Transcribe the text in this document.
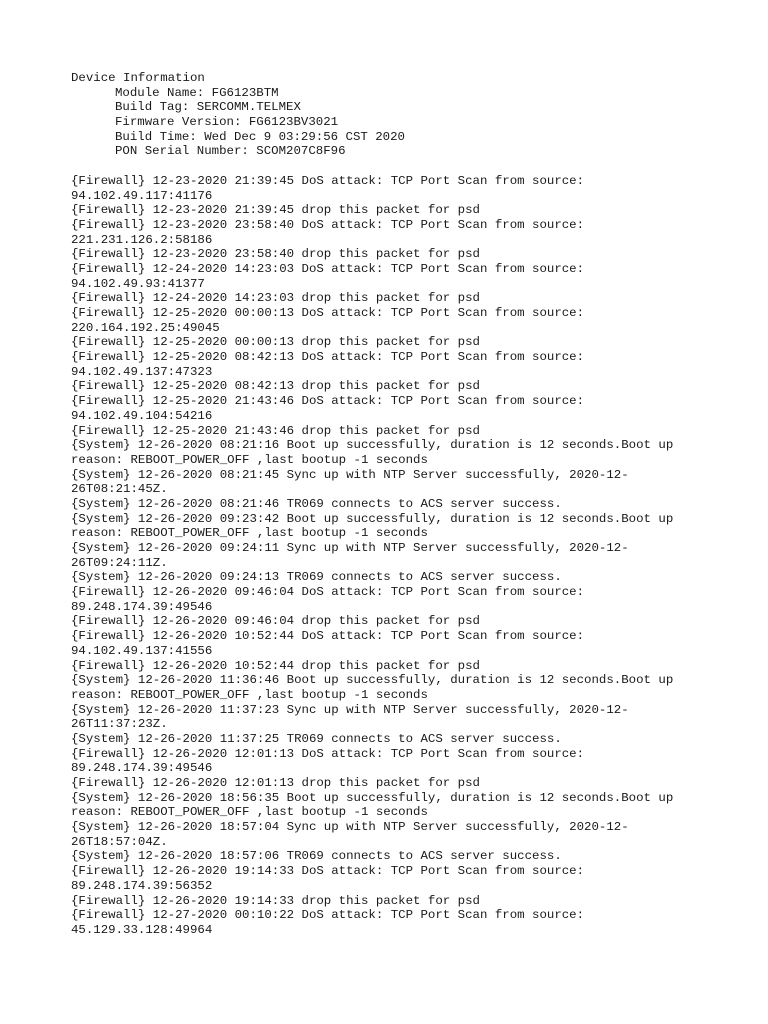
Device Information
Module Name: FG6123BTM
Build Tag: SERCOMM.TELMEX
Firmware Version: FG6123BV3021
Build Time: Wed Dec 9 03:29:56 CST 2020
PON Serial Number: SCOM207C8F96
{Firewall} 12-23-2020 21:39:45 DoS attack: TCP Port Scan from source:
94.102.49.117:41176
{Firewall} 12-23-2020 21:39:45 drop this packet for psd
{Firewall} 12-23-2020 23:58:40 DoS attack: TCP Port Scan from source:
221.231.126.2:58186
{Firewall} 12-23-2020 23:58:40 drop this packet for psd
{Firewall} 12-24-2020 14:23:03 DoS attack: TCP Port Scan from source:
94.102.49.93:41377
{Firewall} 12-24-2020 14:23:03 drop this packet for psd
{Firewall} 12-25-2020 00:00:13 DoS attack: TCP Port Scan from source:
220.164.192.25:49045
{Firewall} 12-25-2020 00:00:13 drop this packet for psd
{Firewall} 12-25-2020 08:42:13 DoS attack: TCP Port Scan from source:
94.102.49.137:47323
{Firewall} 12-25-2020 08:42:13 drop this packet for psd
{Firewall} 12-25-2020 21:43:46 DoS attack: TCP Port Scan from source:
94.102.49.104:54216
{Firewall} 12-25-2020 21:43:46 drop this packet for psd
{System} 12-26-2020 08:21:16 Boot up successfully, duration is 12 seconds.Boot up
reason: REBOOT_POWER_OFF ,last bootup -1 seconds
{System} 12-26-2020 08:21:45 Sync up with NTP Server successfully, 2020-12-
26T08:21:45Z.
{System} 12-26-2020 08:21:46 TR069 connects to ACS server success.
{System} 12-26-2020 09:23:42 Boot up successfully, duration is 12 seconds.Boot up
reason: REBOOT_POWER_OFF ,last bootup -1 seconds
{System} 12-26-2020 09:24:11 Sync up with NTP Server successfully, 2020-12-
26T09:24:11Z.
{System} 12-26-2020 09:24:13 TR069 connects to ACS server success.
{Firewall} 12-26-2020 09:46:04 DoS attack: TCP Port Scan from source:
89.248.174.39:49546
{Firewall} 12-26-2020 09:46:04 drop this packet for psd
{Firewall} 12-26-2020 10:52:44 DoS attack: TCP Port Scan from source:
94.102.49.137:41556
{Firewall} 12-26-2020 10:52:44 drop this packet for psd
{System} 12-26-2020 11:36:46 Boot up successfully, duration is 12 seconds.Boot up
reason: REBOOT_POWER_OFF ,last bootup -1 seconds
{System} 12-26-2020 11:37:23 Sync up with NTP Server successfully, 2020-12-
26T11:37:23Z.
{System} 12-26-2020 11:37:25 TR069 connects to ACS server success.
{Firewall} 12-26-2020 12:01:13 DoS attack: TCP Port Scan from source:
89.248.174.39:49546
{Firewall} 12-26-2020 12:01:13 drop this packet for psd
{System} 12-26-2020 18:56:35 Boot up successfully, duration is 12 seconds.Boot up
reason: REBOOT_POWER_OFF ,last bootup -1 seconds
{System} 12-26-2020 18:57:04 Sync up with NTP Server successfully, 2020-12-
26T18:57:04Z.
{System} 12-26-2020 18:57:06 TR069 connects to ACS server success.
{Firewall} 12-26-2020 19:14:33 DoS attack: TCP Port Scan from source:
89.248.174.39:56352
{Firewall} 12-26-2020 19:14:33 drop this packet for psd
{Firewall} 12-27-2020 00:10:22 DoS attack: TCP Port Scan from source:
45.129.33.128:49964
